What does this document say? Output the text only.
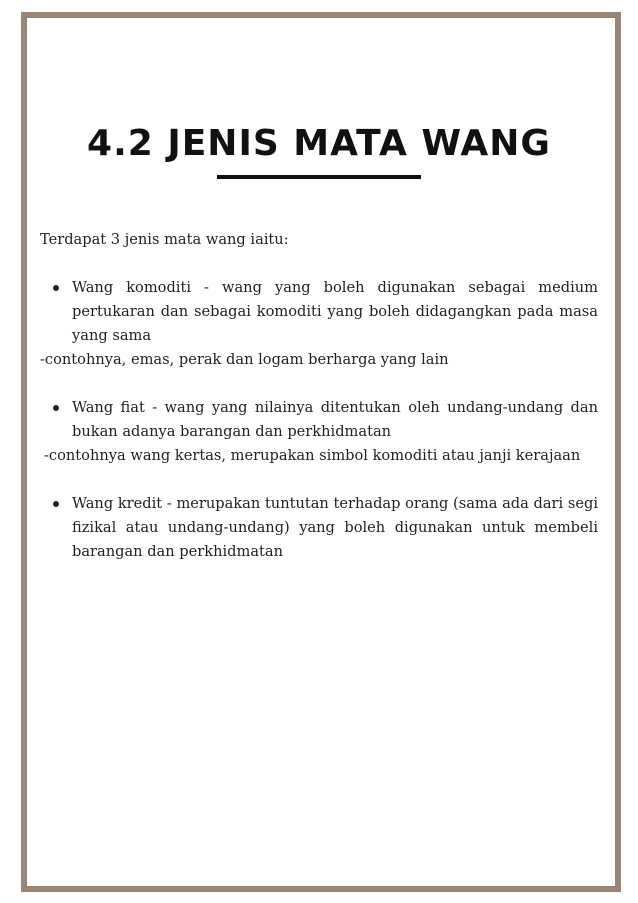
4.2 JENIS MATA WANG

Terdapat 3 jenis mata wang iaitu:

Wang komoditi - wang yang boleh digunakan sebagai medium pertukaran dan sebagai komoditi yang boleh didagangkan pada masa yang sama

-contohnya, emas, perak dan logam berharga yang lain

Wang fiat - wang yang nilainya ditentukan oleh undang-undang dan bukan adanya barangan dan perkhidmatan

-contohnya wang kertas, merupakan simbol komoditi atau janji kerajaan

Wang kredit - merupakan tuntutan terhadap orang (sama ada dari segi fizikal atau undang-undang) yang boleh digunakan untuk membeli barangan dan perkhidmatan
